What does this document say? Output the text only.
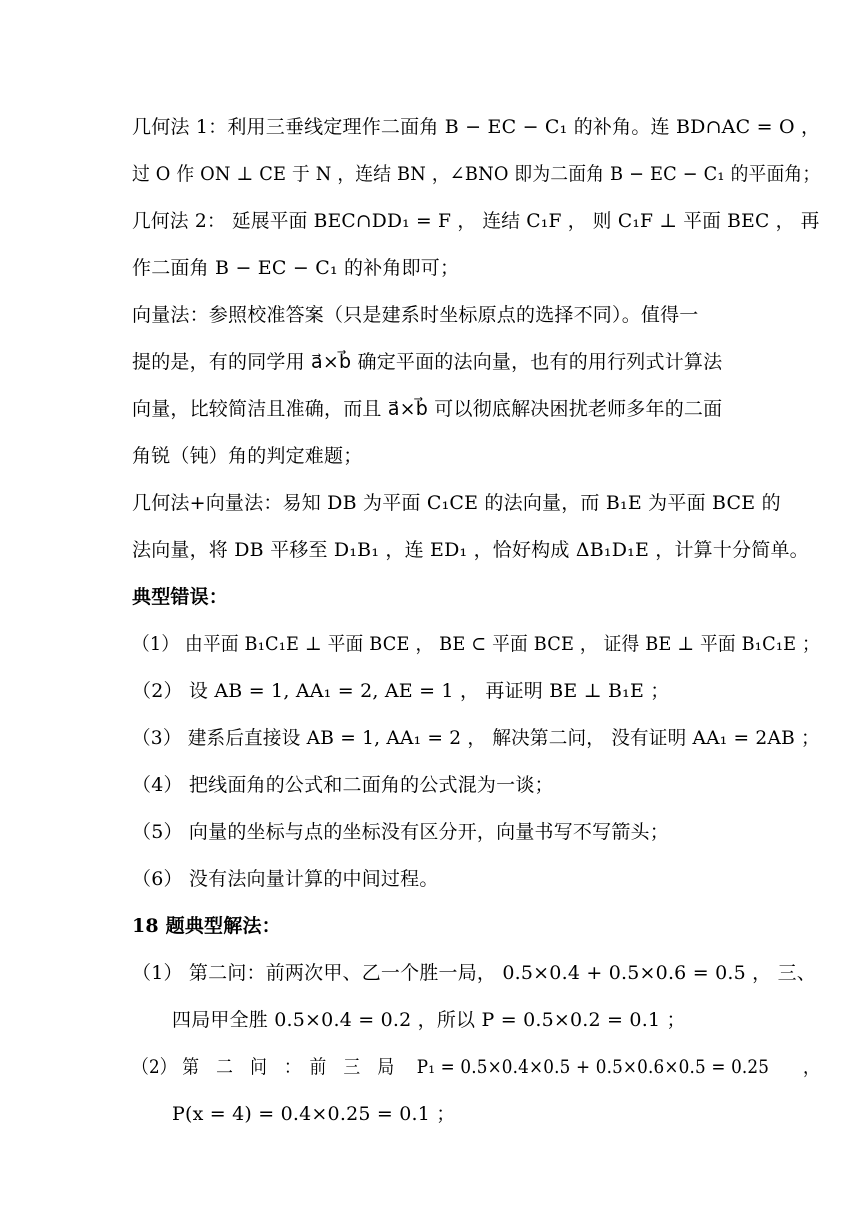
几何法 1：利用三垂线定理作二面角 B − EC − C₁ 的补角。连 BD∩AC = O ，
过 O 作 ON ⊥ CE 于 N ，连结 BN ，∠BNO 即为二面角 B − EC − C₁ 的平面角；
几何法 2： 延展平面 BEC∩DD₁ = F ， 连结 C₁F ， 则 C₁F ⊥ 平面 BEC ， 再
作二面角 B − EC − C₁ 的补角即可；
向量法：参照校准答案（只是建系时坐标原点的选择不同）。值得一
提的是，有的同学用 a⃗×b⃗ 确定平面的法向量，也有的用行列式计算法
向量，比较简洁且准确，而且 a⃗×b⃗ 可以彻底解决困扰老师多年的二面
角锐（钝）角的判定难题；
几何法+向量法：易知 DB 为平面 C₁CE 的法向量，而 B₁E 为平面 BCE 的
法向量，将 DB 平移至 D₁B₁ ，连 ED₁ ，恰好构成 ΔB₁D₁E ，计算十分简单。
典型错误：
（1） 由平面 B₁C₁E ⊥ 平面 BCE ， BE ⊂ 平面 BCE ， 证得 BE ⊥ 平面 B₁C₁E ；
（2） 设 AB = 1, AA₁ = 2, AE = 1 ， 再证明 BE ⊥ B₁E ；
（3） 建系后直接设 AB = 1, AA₁ = 2 ， 解决第二问， 没有证明 AA₁ = 2AB ；
（4） 把线面角的公式和二面角的公式混为一谈；
（5） 向量的坐标与点的坐标没有区分开，向量书写不写箭头；
（6） 没有法向量计算的中间过程。
18 题典型解法：
（1） 第二问：前两次甲、乙一个胜一局， 0.5×0.4 + 0.5×0.6 = 0.5 ， 三、
四局甲全胜 0.5×0.4 = 0.2 ，所以 P = 0.5×0.2 = 0.1 ；
（2） 第　二　问　：　前　三　局　 P₁ = 0.5×0.4×0.5 + 0.5×0.6×0.5 = 0.25　　，
P(x = 4) = 0.4×0.25 = 0.1 ；
